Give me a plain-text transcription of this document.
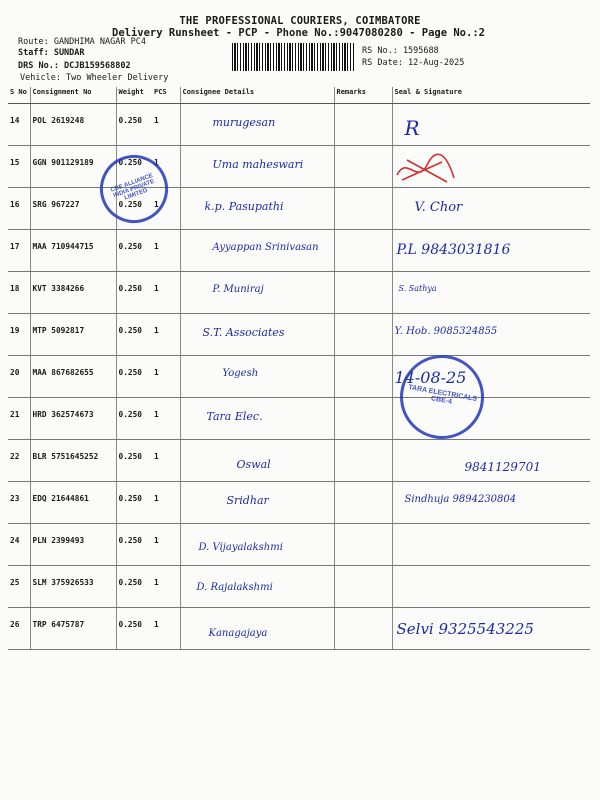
THE PROFESSIONAL COURIERS, COIMBATORE
Delivery Runsheet - PCP - Phone No.:9047080280 - Page No.:2
Route: GANDHIMA NAGAR PC4
Staff: SUNDAR
DRS No.: DCJB159568802
Vehicle: Two Wheeler Delivery
RS No.: 1595688
RS Date: 12-Aug-2025
S No	Consignment No	Weight	PCS	Consignee Details	Remarks	Seal & Signature
14	POL 2619248	0.250	1	murugesan		R
15	GGN 901129189	0.250	1	Uma maheswari		
16	SRG 967227	0.250	1	k.p. Pasupathi		V. Chor
17	MAA 710944715	0.250	1	Ayyappan Srinivasan		P.L 9843031816
18	KVT 3384266	0.250	1	P. Muniraj		S. Sathya
19	MTP 5092817	0.250	1	S.T. Associates		Y. Hob. 9085324855
20	MAA 867682655	0.250	1	Yogesh		14-08-25
21	HRD 362574673	0.250	1	Tara Elec.		
22	BLR 5751645252	0.250	1	Oswal		9841129701
23	EDQ 21644861	0.250	1	Sridhar		Sindhuja 9894230804
24	PLN 2399493	0.250	1	D. Vijayalakshmi		
25	SLM 375926533	0.250	1	D. Rajalakshmi		
26	TRP 6475787	0.250	1	Kanagajaya		Selvi 9325543225
CBE ALLIANCE INDIA PRIVATE LIMITED
TARA ELECTRICALS CBE-4
